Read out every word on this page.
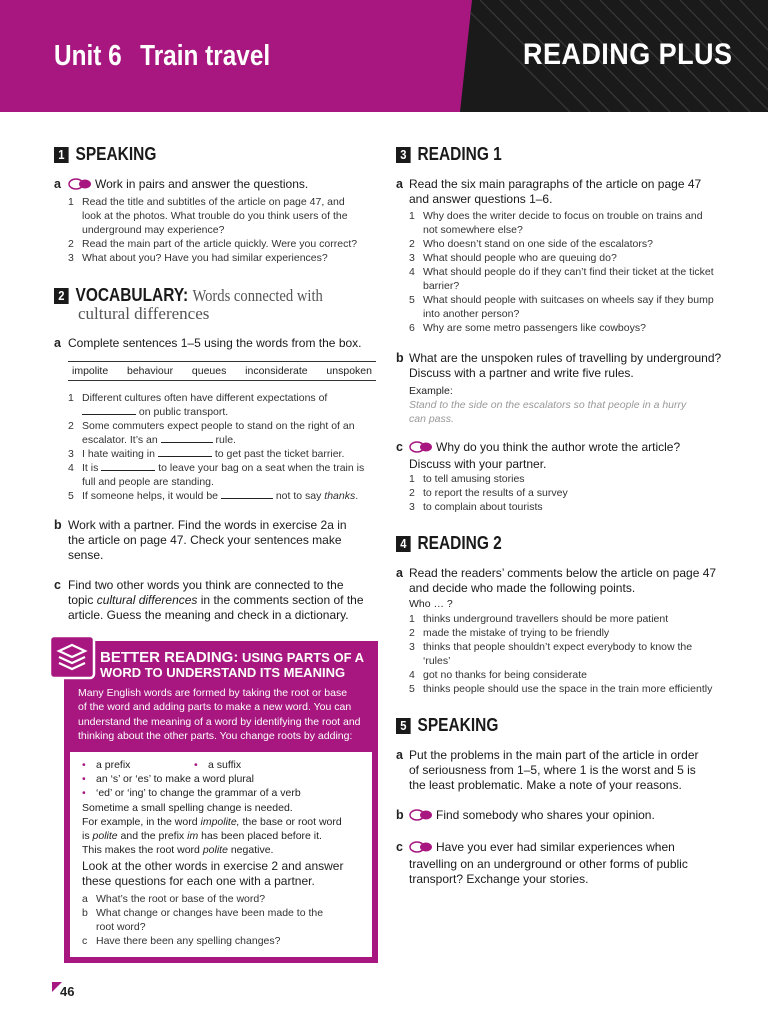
Unit 6 Train travel	READING PLUS
1 SPEAKING
a	Work in pairs and answer the questions.
1 Read the title and subtitles of the article on page 47, and
look at the photos. What trouble do you think users of the
underground may experience?
2 Read the main part of the article quickly. Were you correct?
3 What about you? Have you had similar experiences?
2 VOCABULARY:
Words connected with
cultural differences
a Complete sentences 1–5 using the words from the box.
impolite behaviour queues inconsiderate unspoken
1 Different cultures often have different expectations of
on public transport.
2 Some commuters expect people to stand on the right of an
escalator. It’s an	rule.
3 I hate waiting in	to get past the ticket barrier.
4 It is	to leave your bag on a seat when the train is
full and people are standing.
5 If someone helps, it would be	not to say thanks.
b Work with a partner. Find the words in exercise 2a in
the article on page 47. Check your sentences make
sense.
c Find two other words you think are connected to the
topic cultural differences in the comments section of the
article. Guess the meaning and check in a dictionary.
BETTER READING: USING PARTS OF A
WORD TO UNDERSTAND ITS MEANING
Many English words are formed by taking the root or base
of the word and adding parts to make a new word. You can
understand the meaning of a word by identifying the root and
thinking about the other parts. You change roots by adding:
• a prefix	• a suffix
• an ‘s’ or ‘es’ to make a word plural
• ‘ed’ or ‘ing’ to change the grammar of a verb
Sometime a small spelling change is needed.
For example, in the word impolite, the base or root word
is polite and the prefix im has been placed before it.
This makes the root word polite negative.
Look at the other words in exercise 2 and answer
these questions for each one with a partner.
a What’s the root or base of the word?
b What change or changes have been made to the
root word?
c Have there been any spelling changes?
3 READING 1
a Read the six main paragraphs of the article on page 47
and answer questions 1–6.
1 Why does the writer decide to focus on trouble on trains and
not somewhere else?
2 Who doesn’t stand on one side of the escalators?
3 What should people who are queuing do?
4 What should people do if they can’t find their ticket at the ticket
barrier?
5 What should people with suitcases on wheels say if they bump
into another person?
6 Why are some metro passengers like cowboys?
b What are the unspoken rules of travelling by underground?
Discuss with a partner and write five rules.
Example:
Stand to the side on the escalators so that people in a hurry
can pass.
c	Why do you think the author wrote the article?
Discuss with your partner.
1 to tell amusing stories
2 to report the results of a survey
3 to complain about tourists
4 READING 2
a Read the readers’ comments below the article on page 47
and decide who made the following points.
Who … ?
1 thinks underground travellers should be more patient
2 made the mistake of trying to be friendly
3 thinks that people shouldn’t expect everybody to know the
‘rules’
4 got no thanks for being considerate
5 thinks people should use the space in the train more efficiently
5 SPEAKING
a Put the problems in the main part of the article in order
of seriousness from 1–5, where 1 is the worst and 5 is
the least problematic. Make a note of your reasons.
b	Find somebody who shares your opinion.
c	Have you ever had similar experiences when
travelling on an underground or other forms of public
transport? Exchange your stories.
46
